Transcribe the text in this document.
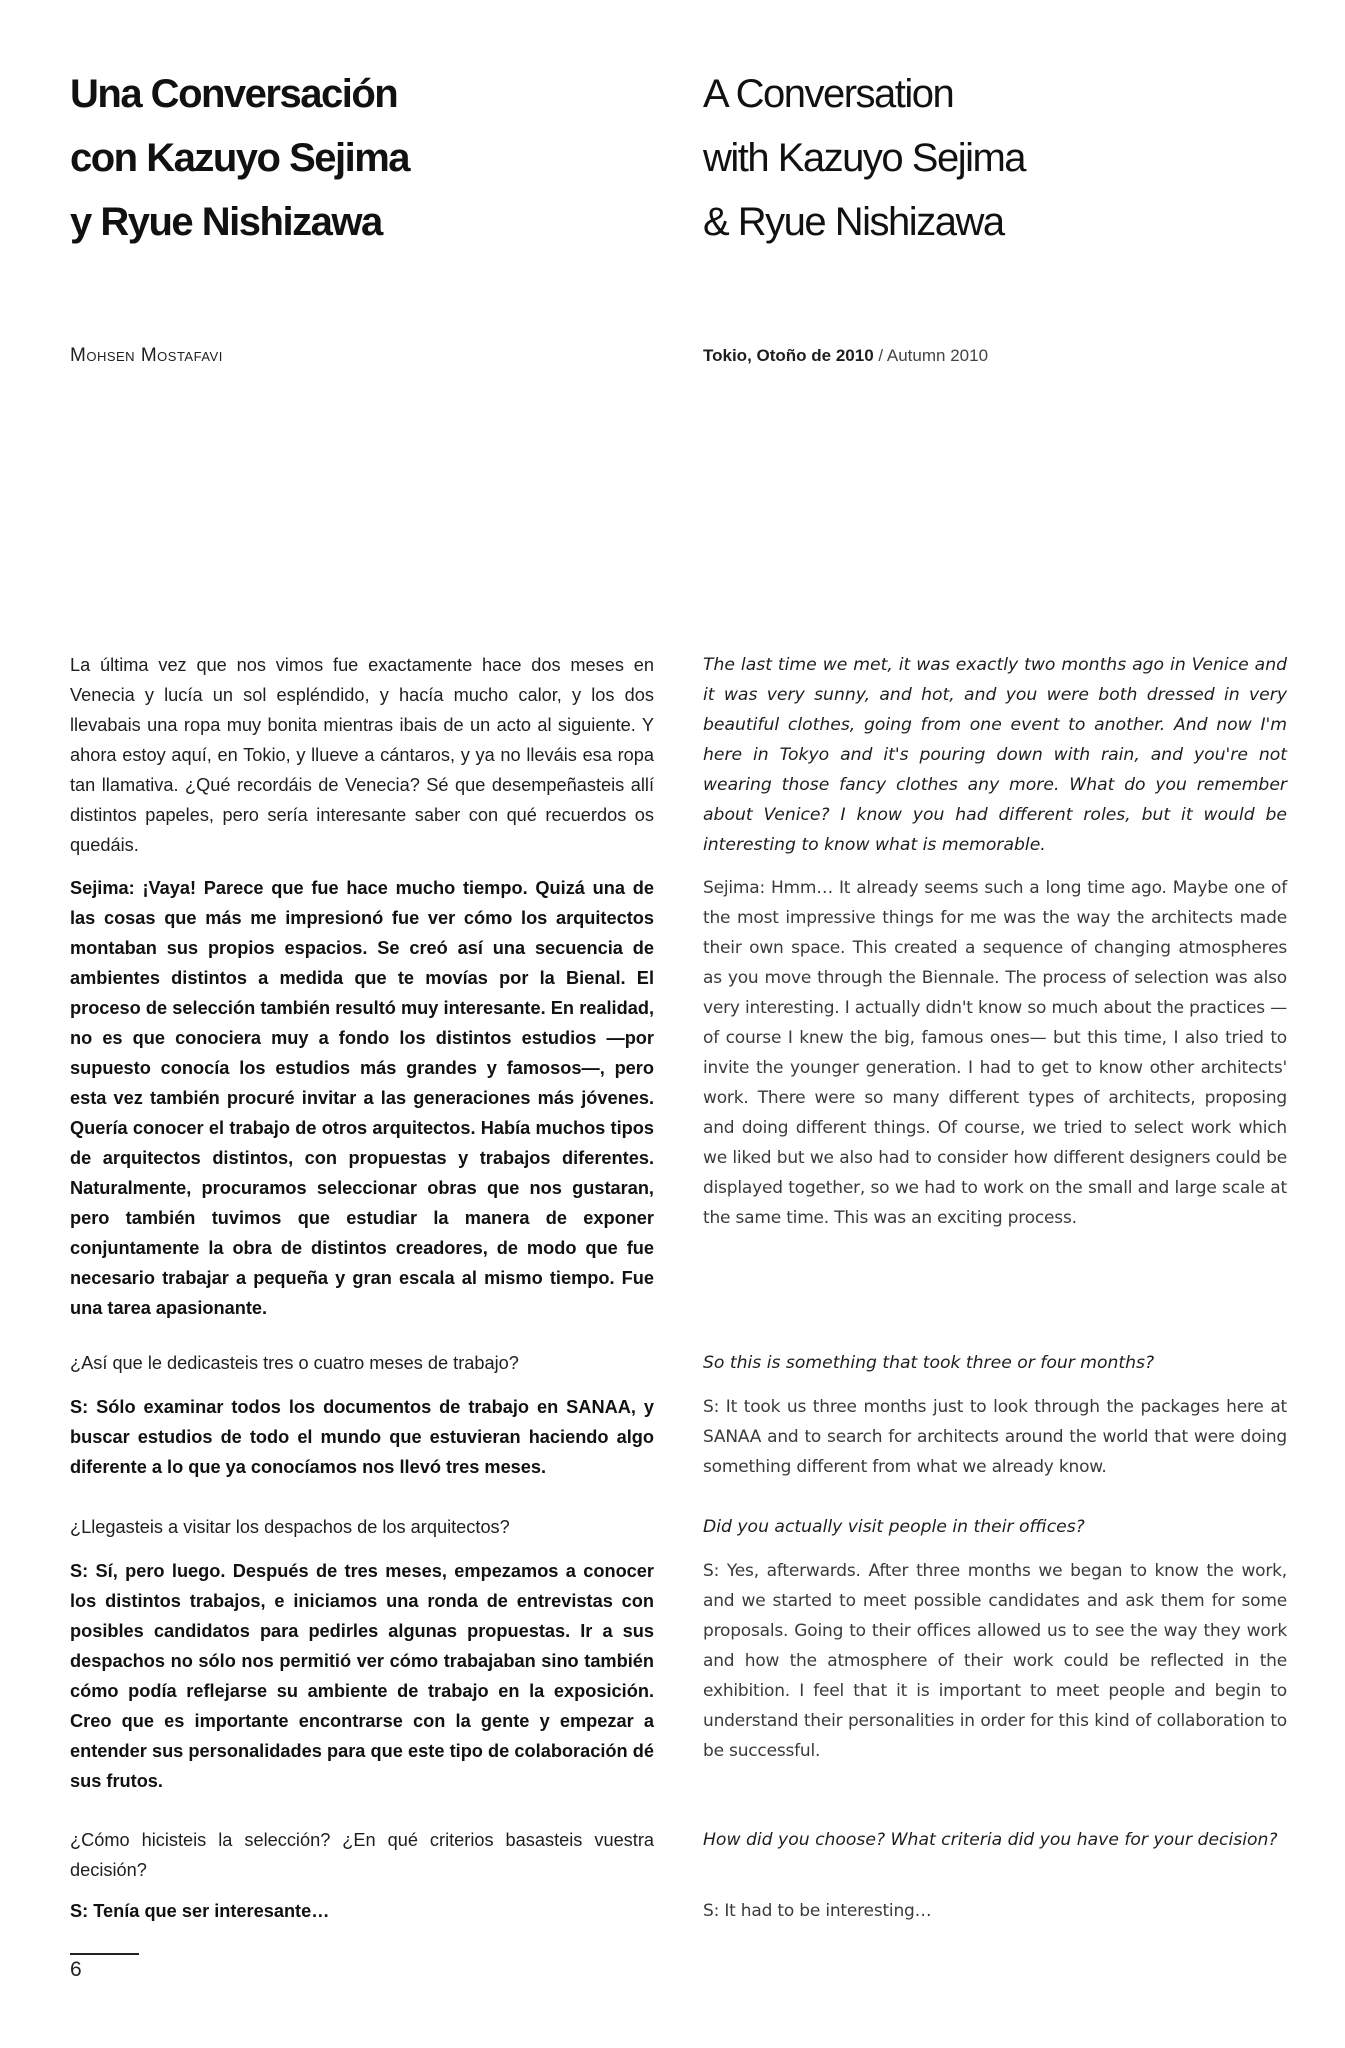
Una Conversación
con Kazuyo Sejima
y Ryue Nishizawa
A Conversation
with Kazuyo Sejima
& Ryue Nishizawa
Mohsen Mostafavi	Tokio, Otoño de 2010 / Autumn 2010

La última vez que nos vimos fue exactamente hace dos meses en Venecia y lucía un sol espléndido, y hacía mucho calor, y los dos llevabais una ropa muy bonita mientras ibais de un acto al siguiente. Y ahora estoy aquí, en Tokio, y llueve a cántaros, y ya no lleváis esa ropa tan llamativa. ¿Qué recordáis de Venecia? Sé que desempeñasteis allí distintos papeles, pero sería interesante saber con qué recuerdos os quedáis.

The last time we met, it was exactly two months ago in Venice and it was very sunny, and hot, and you were both dressed in very beautiful clothes, going from one event to another. And now I'm here in Tokyo and it's pouring down with rain, and you're not wearing those fancy clothes any more. What do you remember about Venice? I know you had different roles, but it would be interesting to know what is memorable.

Sejima: ¡Vaya! Parece que fue hace mucho tiempo. Quizá una de las cosas que más me impresionó fue ver cómo los arquitectos montaban sus propios espacios. Se creó así una secuencia de ambientes distintos a medida que te movías por la Bienal. El proceso de selección también resultó muy interesante. En realidad, no es que conociera muy a fondo los distintos estudios —por supuesto conocía los estudios más grandes y famosos—, pero esta vez también procuré invitar a las generaciones más jóvenes. Quería conocer el trabajo de otros arquitectos. Había muchos tipos de arquitectos distintos, con propuestas y trabajos diferentes. Naturalmente, procuramos seleccionar obras que nos gustaran, pero también tuvimos que estudiar la manera de exponer conjuntamente la obra de distintos creadores, de modo que fue necesario trabajar a pequeña y gran escala al mismo tiempo. Fue una tarea apasionante.

Sejima: Hmm… It already seems such a long time ago. Maybe one of the most impressive things for me was the way the architects made their own space. This created a sequence of changing atmospheres as you move through the Biennale. The process of selection was also very interesting. I actually didn't know so much about the practices —of course I knew the big, famous ones— but this time, I also tried to invite the younger generation. I had to get to know other architects' work. There were so many different types of architects, proposing and doing different things. Of course, we tried to select work which we liked but we also had to consider how different designers could be displayed together, so we had to work on the small and large scale at the same time. This was an exciting process.

¿Así que le dedicasteis tres o cuatro meses de trabajo?	So this is something that took three or four months?

S: Sólo examinar todos los documentos de trabajo en SANAA, y buscar estudios de todo el mundo que estuvieran haciendo algo diferente a lo que ya conocíamos nos llevó tres meses.

S: It took us three months just to look through the packages here at SANAA and to search for architects around the world that were doing something different from what we already know.

¿Llegasteis a visitar los despachos de los arquitectos?	Did you actually visit people in their offices?

S: Sí, pero luego. Después de tres meses, empezamos a conocer los distintos trabajos, e iniciamos una ronda de entrevistas con posibles candidatos para pedirles algunas propuestas. Ir a sus despachos no sólo nos permitió ver cómo trabajaban sino también cómo podía reflejarse su ambiente de trabajo en la exposición. Creo que es importante encontrarse con la gente y empezar a entender sus personalidades para que este tipo de colaboración dé sus frutos.

S: Yes, afterwards. After three months we began to know the work, and we started to meet possible candidates and ask them for some proposals. Going to their offices allowed us to see the way they work and how the atmosphere of their work could be reflected in the exhibition. I feel that it is important to meet people and begin to understand their personalities in order for this kind of collaboration to be successful.

¿Cómo hicisteis la selección? ¿En qué criterios basasteis vuestra decisión?

How did you choose? What criteria did you have for your decision?

S: Tenía que ser interesante…	S: It had to be interesting…

6
